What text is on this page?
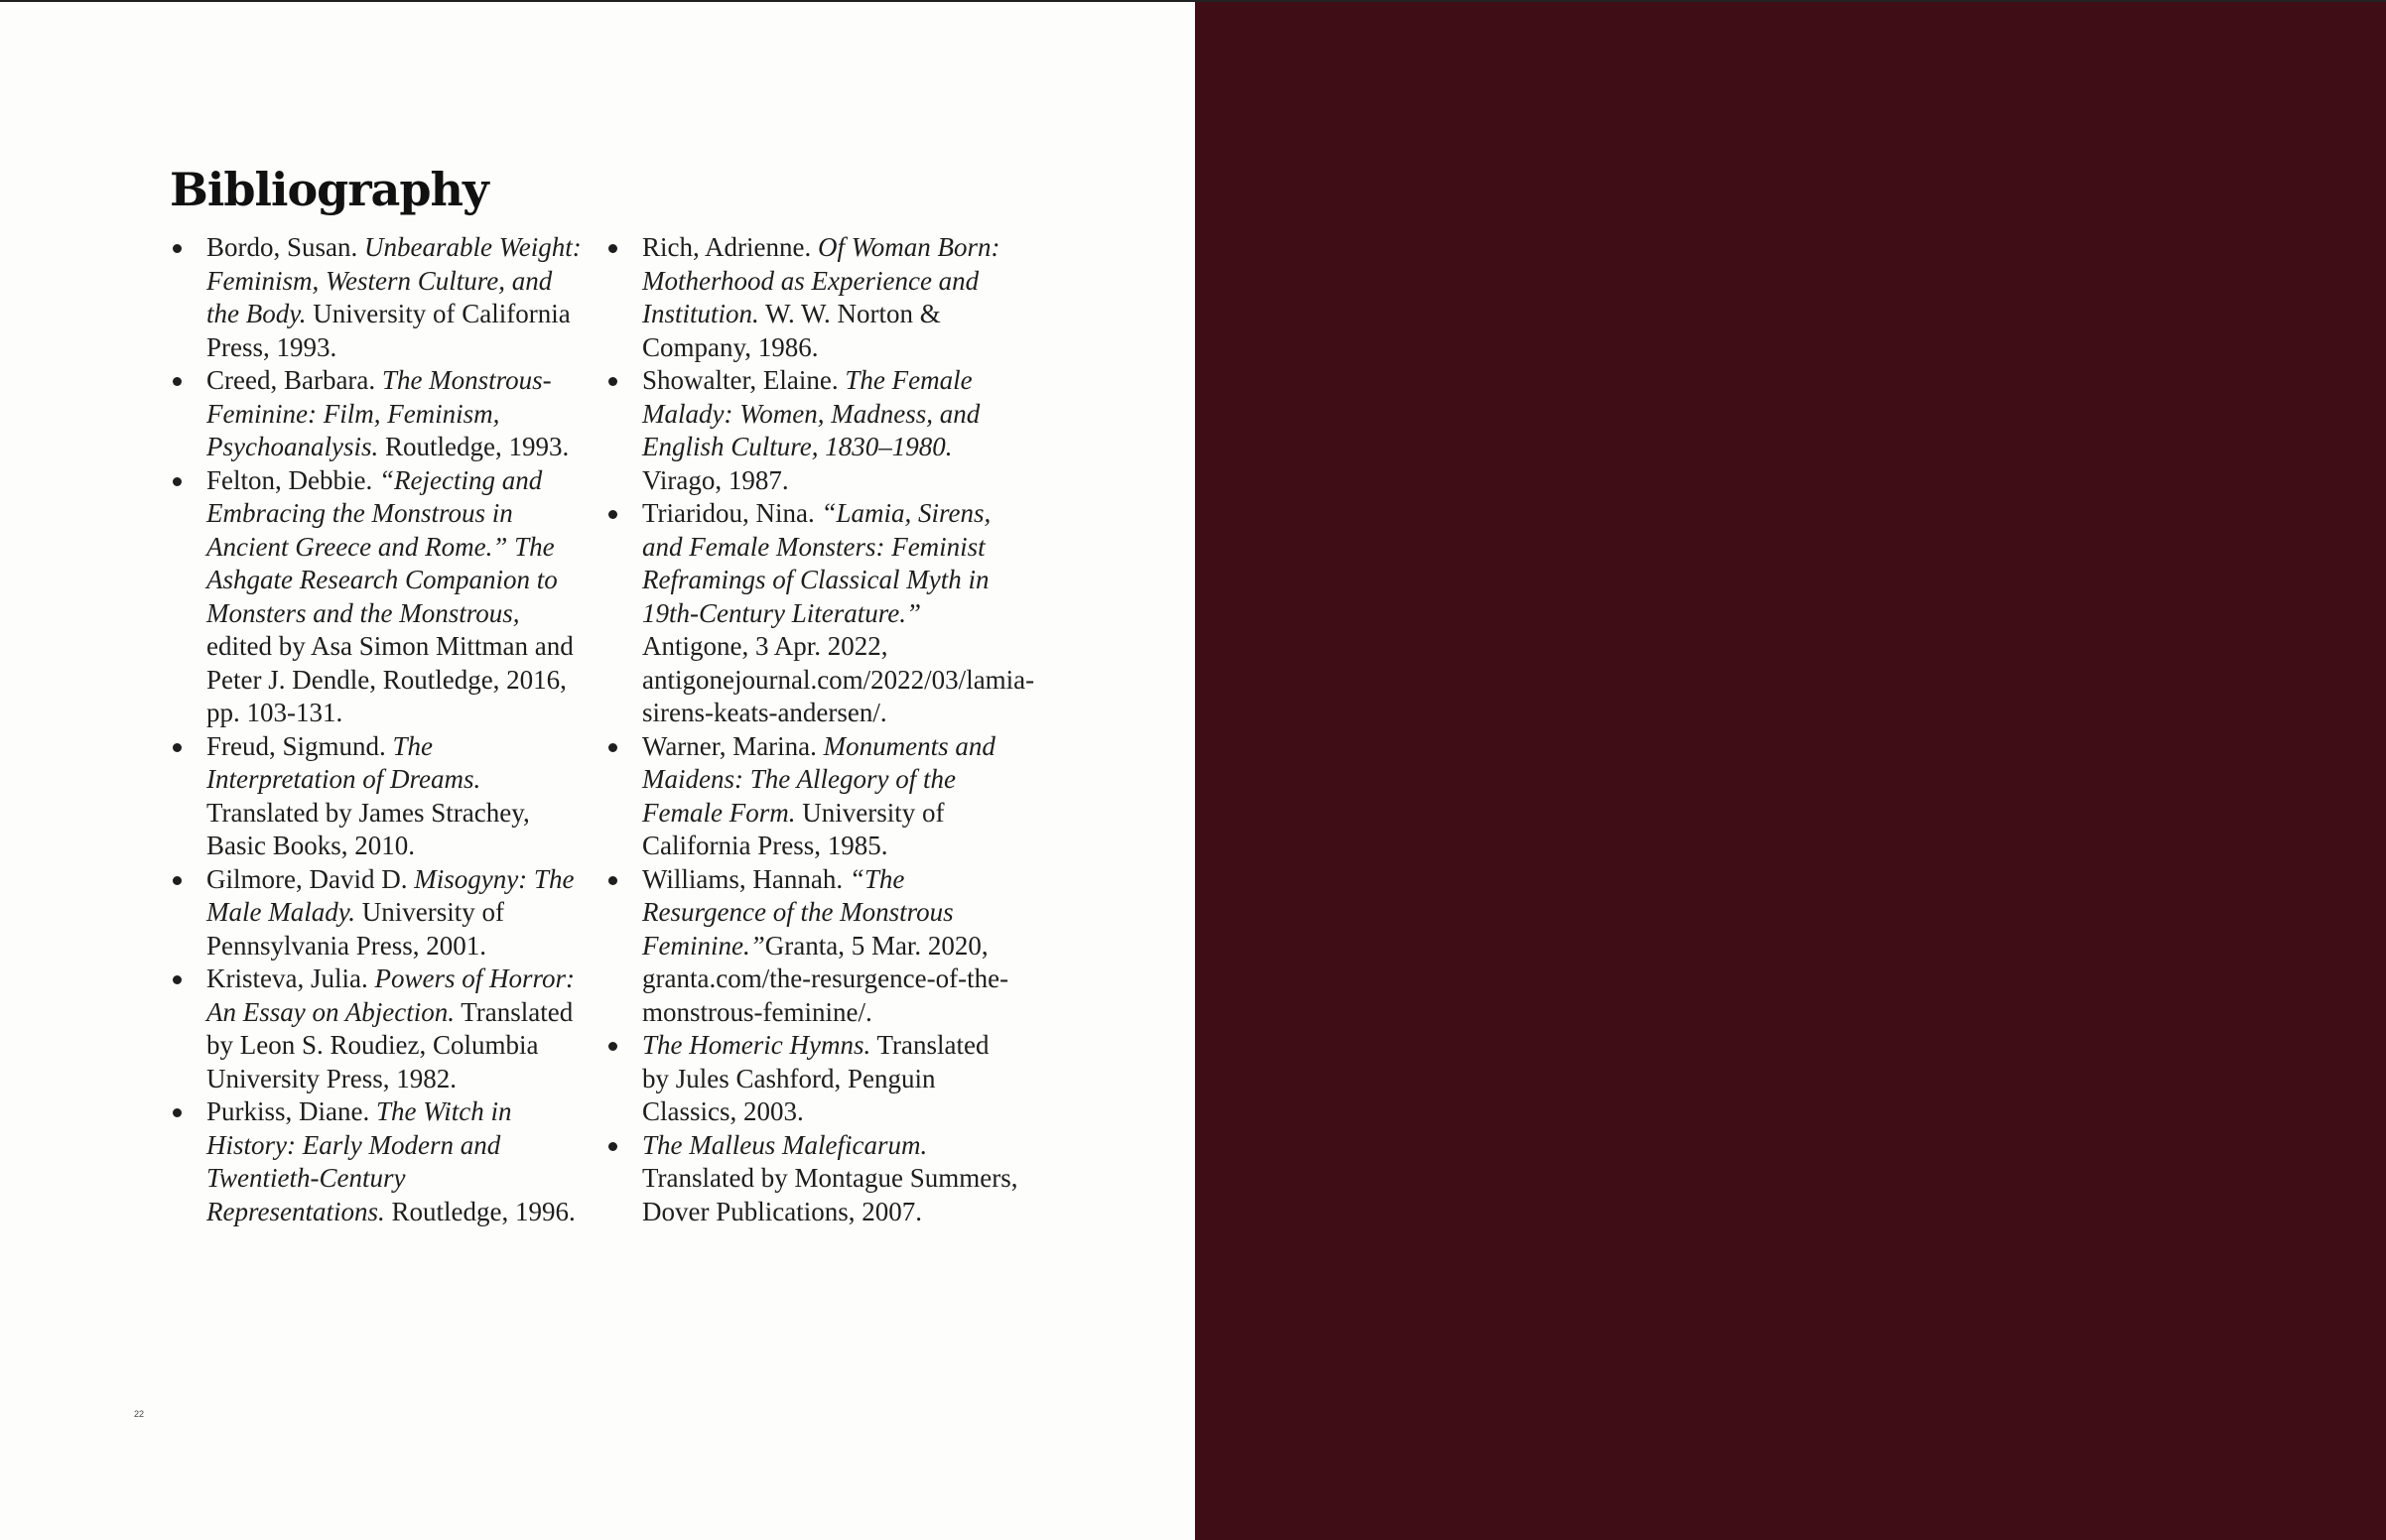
Bibliography
Bordo, Susan. Unbearable Weight: Feminism, Western Culture, and the Body. University of California Press, 1993.
Creed, Barbara. The Monstrous-Feminine: Film, Feminism, Psychoanalysis. Routledge, 1993.
Felton, Debbie. “Rejecting and Embracing the Monstrous in Ancient Greece and Rome.” The Ashgate Research Companion to Monsters and the Monstrous, edited by Asa Simon Mittman and Peter J. Dendle, Routledge, 2016, pp. 103-131.
Freud, Sigmund. The Interpretation of Dreams. Translated by James Strachey, Basic Books, 2010.
Gilmore, David D. Misogyny: The Male Malady. University of Pennsylvania Press, 2001.
Kristeva, Julia. Powers of Horror: An Essay on Abjection. Translated by Leon S. Roudiez, Columbia University Press, 1982.
Purkiss, Diane. The Witch in History: Early Modern and Twentieth-Century Representations. Routledge, 1996.
Rich, Adrienne. Of Woman Born: Motherhood as Experience and Institution. W. W. Norton & Company, 1986.
Showalter, Elaine. The Female Malady: Women, Madness, and English Culture, 1830–1980. Virago, 1987.
Triaridou, Nina. “Lamia, Sirens, and Female Monsters: Feminist Reframings of Classical Myth in 19th-Century Literature.” Antigone, 3 Apr. 2022, antigonejournal.com/2022/03/lamia-sirens-keats-andersen/.
Warner, Marina. Monuments and Maidens: The Allegory of the Female Form. University of California Press, 1985.
Williams, Hannah. “The Resurgence of the Monstrous Feminine.”Granta, 5 Mar. 2020, granta.com/the-resurgence-of-the-monstrous-feminine/.
The Homeric Hymns. Translated by Jules Cashford, Penguin Classics, 2003.
The Malleus Maleficarum. Translated by Montague Summers, Dover Publications, 2007.
22
